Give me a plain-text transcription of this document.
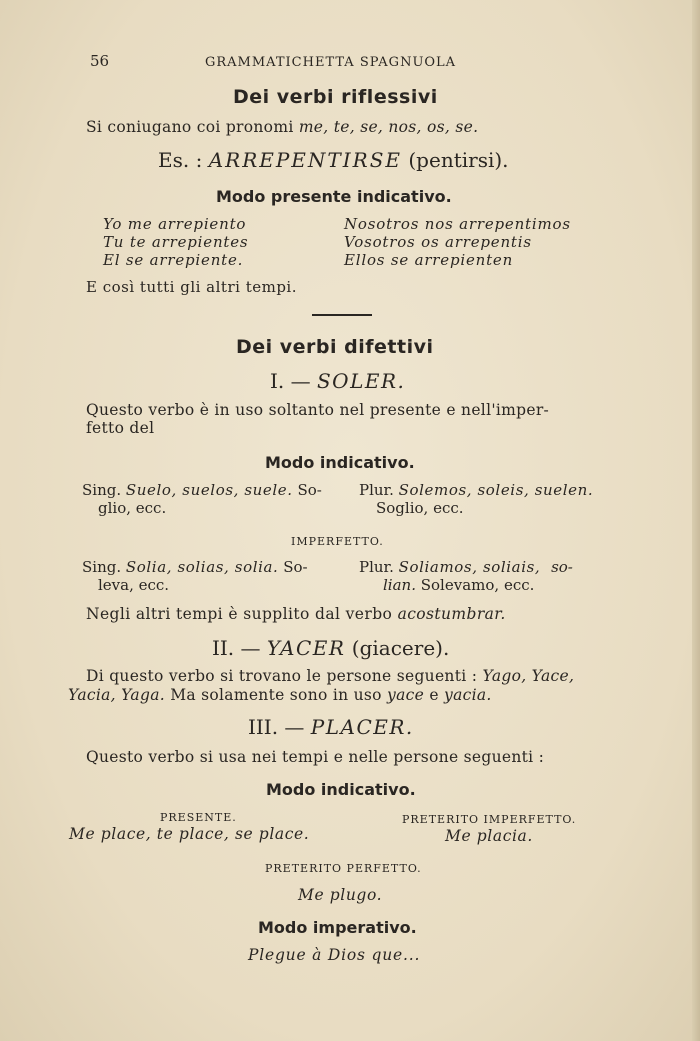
56	GRAMMATICHETTA SPAGNUOLA
Dei verbi riflessivi
Si coniugano coi pronomi me, te, se, nos, os, se.
Es. : ARREPENTIRSE (pentirsi).
Modo presente indicativo.
Yo me arrepiento
Tu te arrepientes
El se arrepiente.
Nosotros nos arrepentimos
Vosotros os arrepentis
Ellos se arrepienten
E così tutti gli altri tempi.
Dei verbi difettivi
I. — SOLER.
Questo verbo è in uso soltanto nel presente e nell'imper-
fetto del
Modo indicativo.
Sing. Suelo, suelos, suele. So-
glio, ecc.
Plur. Solemos, soleis, suelen.
Soglio, ecc.
IMPERFETTO.
Sing. Solia, solias, solia. So-
leva, ecc.
Plur. Soliamos, soliais, so-
lian. Solevamo, ecc.
Negli altri tempi è supplito dal verbo acostumbrar.
II. — YACER (giacere).
Di questo verbo si trovano le persone seguenti : Yago, Yace,
Yacia, Yaga. Ma solamente sono in uso yace e yacia.
III. — PLACER.
Questo verbo si usa nei tempi e nelle persone seguenti :
Modo indicativo.
PRESENTE.
Me place, te place, se place.
PRETERITO IMPERFETTO.
Me placia.
PRETERITO PERFETTO.
Me plugo.
Modo imperativo.
Plegue à Dios que...
